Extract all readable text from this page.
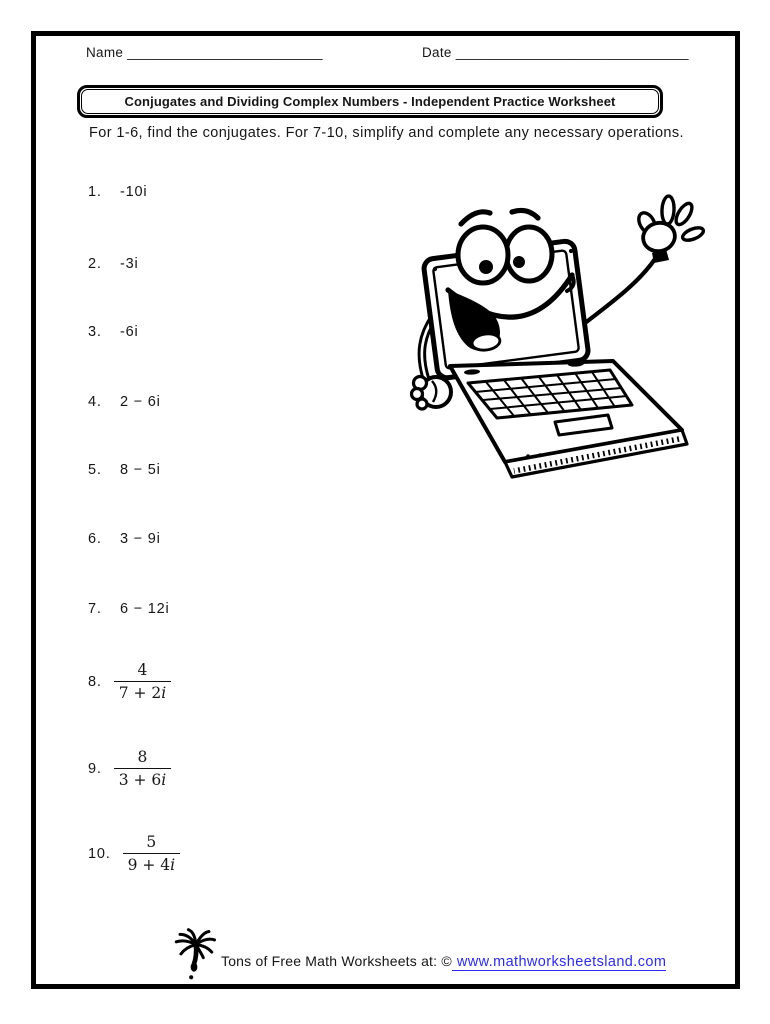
Name __________________________	Date _______________________________
Conjugates and Dividing Complex Numbers - Independent Practice Worksheet
For 1-6, find the conjugates. For 7-10, simplify and complete any necessary operations.
1.	-10i
2.	-3i
3.	-6i
4.	2 − 6i
5.	8 − 5i
6.	3 − 9i
7.	6 − 12i
8. $\frac{4}{7 + 2i}$
9. $\frac{8}{3 + 6i}$
10. $\frac{5}{9 + 4i}$
Tons of Free Math Worksheets at: © www.mathworksheetsland.com
